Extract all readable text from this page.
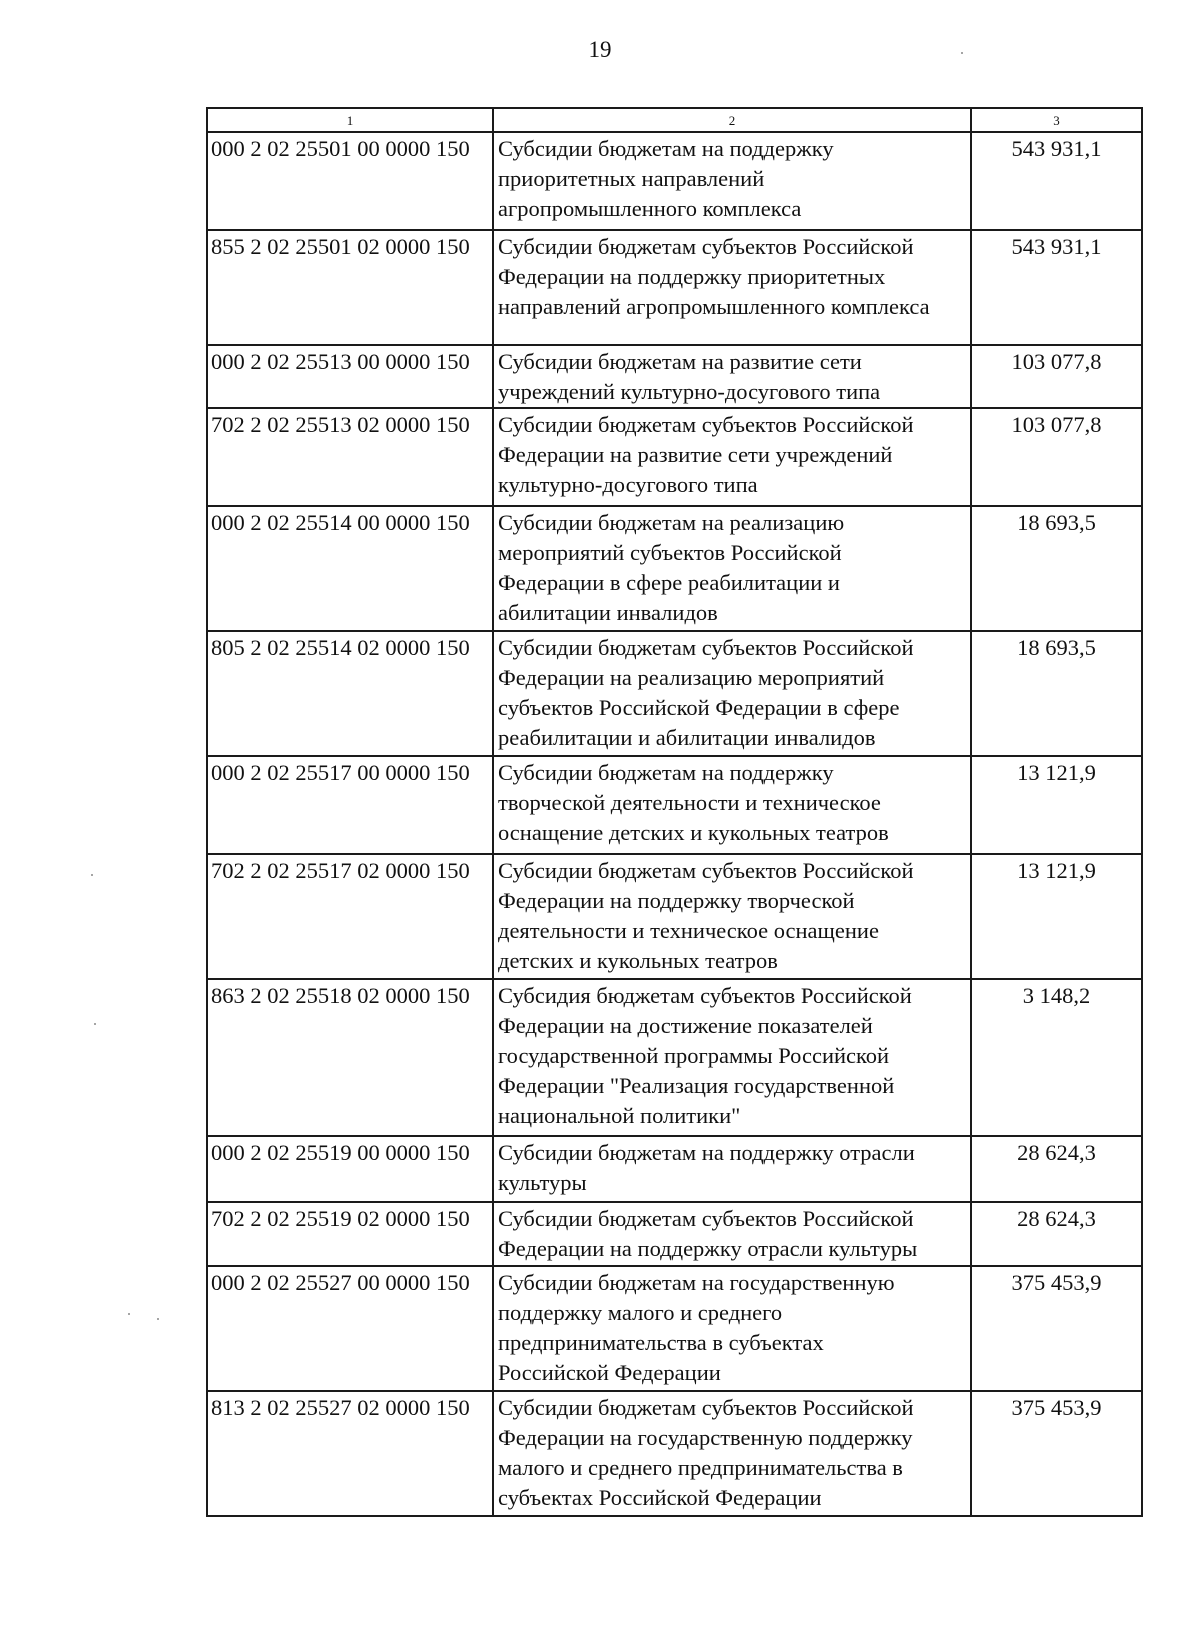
19
1	2	3
000 2 02 25501 00 0000 150	Субсидии бюджетам на поддержку
приоритетных направлений
агропромышленного комплекса	543 931,1
855 2 02 25501 02 0000 150	Субсидии бюджетам субъектов Российской
Федерации на поддержку приоритетных
направлений агропромышленного комплекса	543 931,1
000 2 02 25513 00 0000 150	Субсидии бюджетам на развитие сети
учреждений культурно-досугового типа	103 077,8
702 2 02 25513 02 0000 150	Субсидии бюджетам субъектов Российской
Федерации на развитие сети учреждений
культурно-досугового типа	103 077,8
000 2 02 25514 00 0000 150	Субсидии бюджетам на реализацию
мероприятий субъектов Российской
Федерации в сфере реабилитации и
абилитации инвалидов	18 693,5
805 2 02 25514 02 0000 150	Субсидии бюджетам субъектов Российской
Федерации на реализацию мероприятий
субъектов Российской Федерации в сфере
реабилитации и абилитации инвалидов	18 693,5
000 2 02 25517 00 0000 150	Субсидии бюджетам на поддержку
творческой деятельности и техническое
оснащение детских и кукольных театров	13 121,9
702 2 02 25517 02 0000 150	Субсидии бюджетам субъектов Российской
Федерации на поддержку творческой
деятельности и техническое оснащение
детских и кукольных театров	13 121,9
863 2 02 25518 02 0000 150	Субсидия бюджетам субъектов Российской
Федерации на достижение показателей
государственной программы Российской
Федерации "Реализация государственной
национальной политики"	3 148,2
000 2 02 25519 00 0000 150	Субсидии бюджетам на поддержку отрасли
культуры	28 624,3
702 2 02 25519 02 0000 150	Субсидии бюджетам субъектов Российской
Федерации на поддержку отрасли культуры	28 624,3
000 2 02 25527 00 0000 150	Субсидии бюджетам на государственную
поддержку малого и среднего
предпринимательства в субъектах
Российской Федерации	375 453,9
813 2 02 25527 02 0000 150	Субсидии бюджетам субъектов Российской
Федерации на государственную поддержку
малого и среднего предпринимательства в
субъектах Российской Федерации	375 453,9
